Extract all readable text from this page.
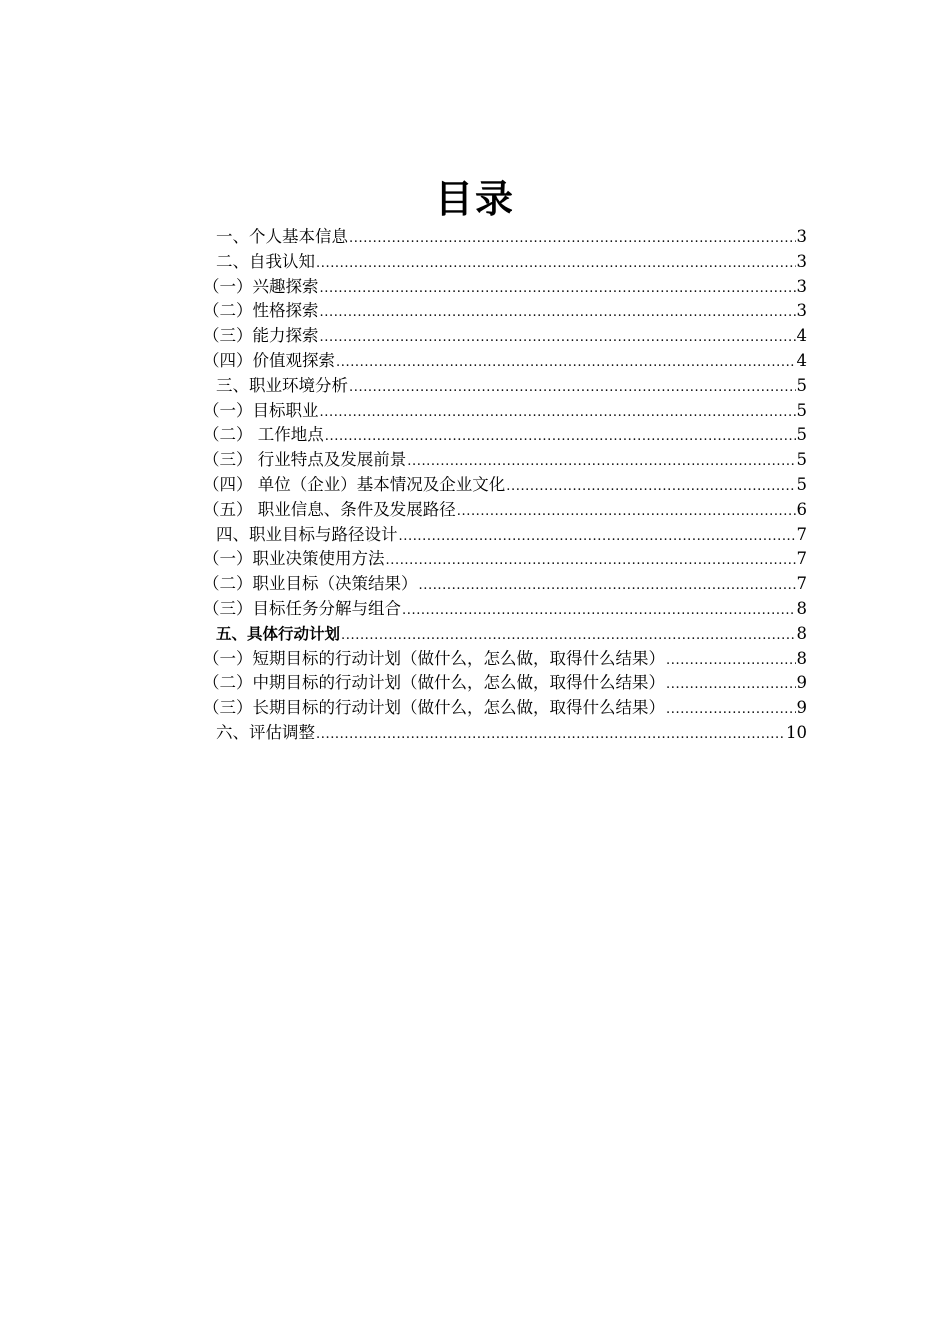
目录
一、个人基本信息 .....	3
二、自我认知 .....	3
（一）兴趣探索 .....	3
（二）性格探索 .....	3
（三）能力探索 .....	4
（四）价值观探索 .....	4
三、职业环境分析 .....	5
（一）目标职业 .....	5
（二） 工作地点 .....	5
（三） 行业特点及发展前景 .....	5
（四） 单位（企业）基本情况及企业文化 .....	5
（五） 职业信息、条件及发展路径 .....	6
四、职业目标与路径设计 .....	7
（一）职业决策使用方法 .....	7
（二）职业目标（决策结果） .....	7
（三）目标任务分解与组合 .....	8
五、具体行动计划 .....	8
（一）短期目标的行动计划（做什么，怎么做，取得什么结果） .....	8
（二）中期目标的行动计划（做什么，怎么做，取得什么结果） .....	9
（三）长期目标的行动计划（做什么，怎么做，取得什么结果） .....	9
六、评估调整 .....	10
